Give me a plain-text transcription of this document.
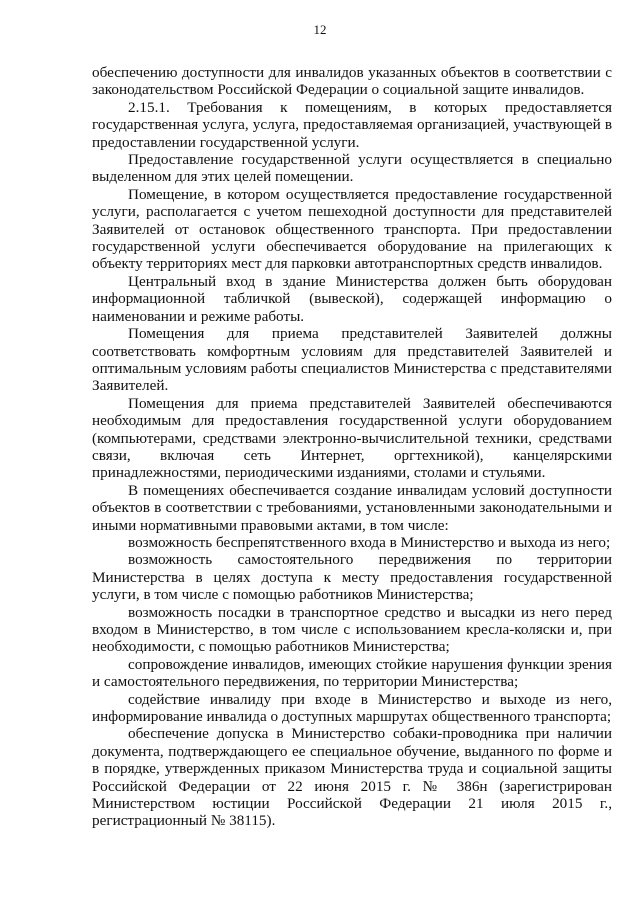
12

обеспечению доступности для инвалидов указанных объектов в соответствии с законодательством Российской Федерации о социальной защите инвалидов.

2.15.1. Требования к помещениям, в которых предоставляется государственная услуга, услуга, предоставляемая организацией, участвующей в предоставлении государственной услуги.

Предоставление государственной услуги осуществляется в специально выделенном для этих целей помещении.

Помещение, в котором осуществляется предоставление государственной услуги, располагается с учетом пешеходной доступности для представителей Заявителей от остановок общественного транспорта. При предоставлении государственной услуги обеспечивается оборудование на прилегающих к объекту территориях мест для парковки автотранспортных средств инвалидов.

Центральный вход в здание Министерства должен быть оборудован информационной табличкой (вывеской), содержащей информацию о наименовании и режиме работы.

Помещения для приема представителей Заявителей должны соответствовать комфортным условиям для представителей Заявителей и оптимальным условиям работы специалистов Министерства с представителями Заявителей.

Помещения для приема представителей Заявителей обеспечиваются необходимым для предоставления государственной услуги оборудованием (компьютерами, средствами электронно-вычислительной техники, средствами связи, включая сеть Интернет, оргтехникой), канцелярскими принадлежностями, периодическими изданиями, столами и стульями.

В помещениях обеспечивается создание инвалидам условий доступности объектов в соответствии с требованиями, установленными законодательными и иными нормативными правовыми актами, в том числе:

возможность беспрепятственного входа в Министерство и выхода из него;

возможность самостоятельного передвижения по территории Министерства в целях доступа к месту предоставления государственной услуги, в том числе с помощью работников Министерства;

возможность посадки в транспортное средство и высадки из него перед входом в Министерство, в том числе с использованием кресла-коляски и, при необходимости, с помощью работников Министерства;

сопровождение инвалидов, имеющих стойкие нарушения функции зрения и самостоятельного передвижения, по территории Министерства;

содействие инвалиду при входе в Министерство и выходе из него, информирование инвалида о доступных маршрутах общественного транспорта;

обеспечение допуска в Министерство собаки-проводника при наличии документа, подтверждающего ее специальное обучение, выданного по форме и в порядке, утвержденных приказом Министерства труда и социальной защиты Российской Федерации от 22 июня 2015 г. № 386н (зарегистрирован Министерством юстиции Российской Федерации 21 июля 2015 г., регистрационный № 38115).
